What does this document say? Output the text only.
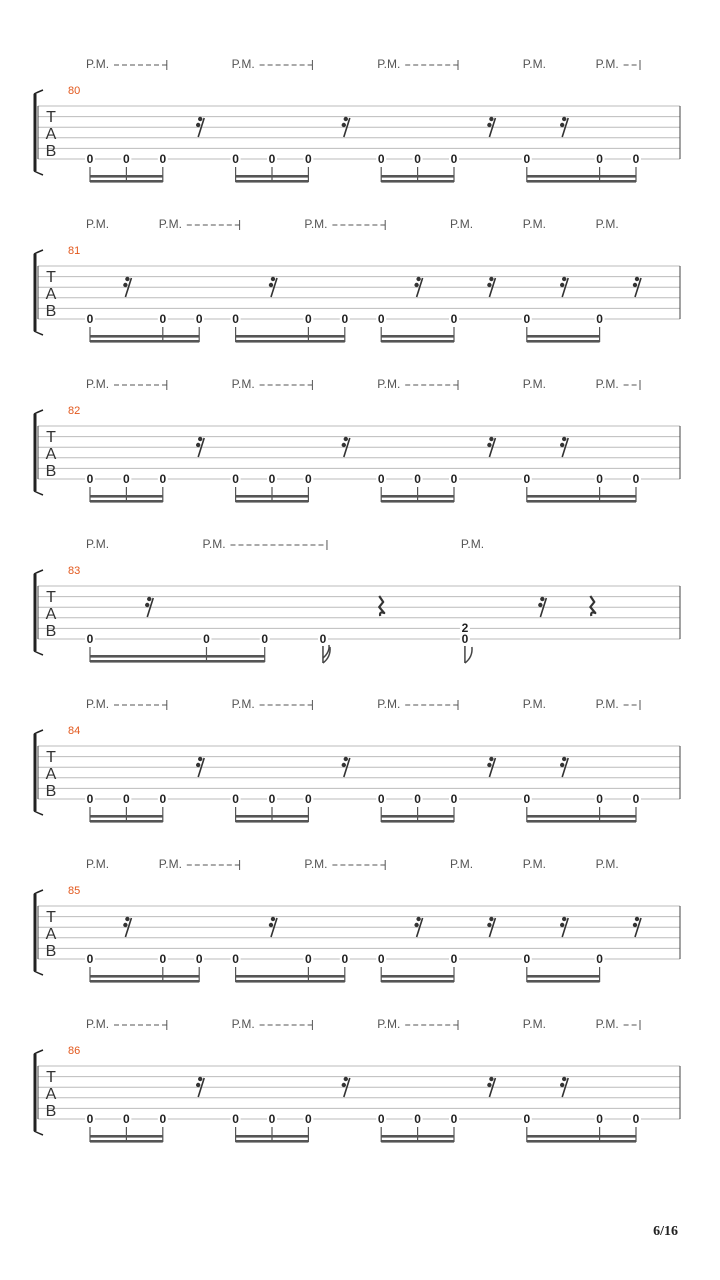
P.M.	P.M.	P.M.	P.M.	P.M.
80
T
A
B	0 0 0	0 0 0	0 0 0	0	0 0
P.M.	P.M.	P.M.	P.M.	P.M.	P.M.
81
T
A
B	0	0 0 0	0 0 0	0	0	0
P.M.	P.M.	P.M.	P.M.	P.M.
82
T
A
B	0 0 0	0 0 0	0 0 0	0	0 0
P.M.	P.M.	P.M.
83
T
A
B	0	0	0	0	0
2
P.M.	P.M.	P.M.	P.M.	P.M.
84
T
A
B	0 0 0	0 0 0	0 0 0	0	0 0
P.M.	P.M.	P.M.	P.M.	P.M.	P.M.
85
T
A
B	0	0 0 0	0 0 0	0	0	0
P.M.	P.M.	P.M.	P.M.	P.M.
86
T
A
B	0 0 0	0 0 0	0 0 0	0	0 0
6/16
